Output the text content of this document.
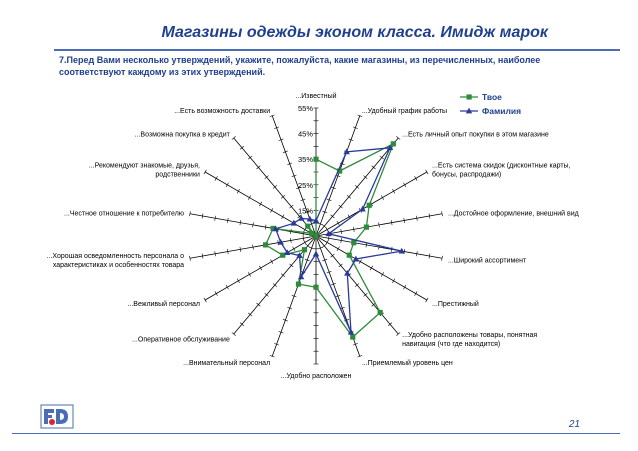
Магазины одежды эконом класса. Имидж марок
7.Перед Вами несколько утверждений, укажите, пожалуйста, какие магазины, из перечисленных, наиболее соответствуют каждому из этих утверждений.
15%
25%
35%
45%
55%
...Известный
...Удобный график работы
...Есть личный опыт покупки в этом магазине
...Есть система скидок (дисконтные карты, бонусы, распродажи)
...Достойное оформление, внешний вид
...Широкий ассортимент
...Престижный
...Удобно расположены товары, понятная навигация (что где находится)
...Приемлемый уровень цен
...Удобно расположен
...Внимательный персонал
...Оперативное обслуживание
...Вежливый персонал
...Хорошая осведомленность персонала о характеристиках и особенностях товара
...Честное отношение к потребителю
...Рекомендуют знакомые, друзья, родственники
...Возможна покупка в кредит
...Есть возможность доставки
Твое
Фамилия
21
